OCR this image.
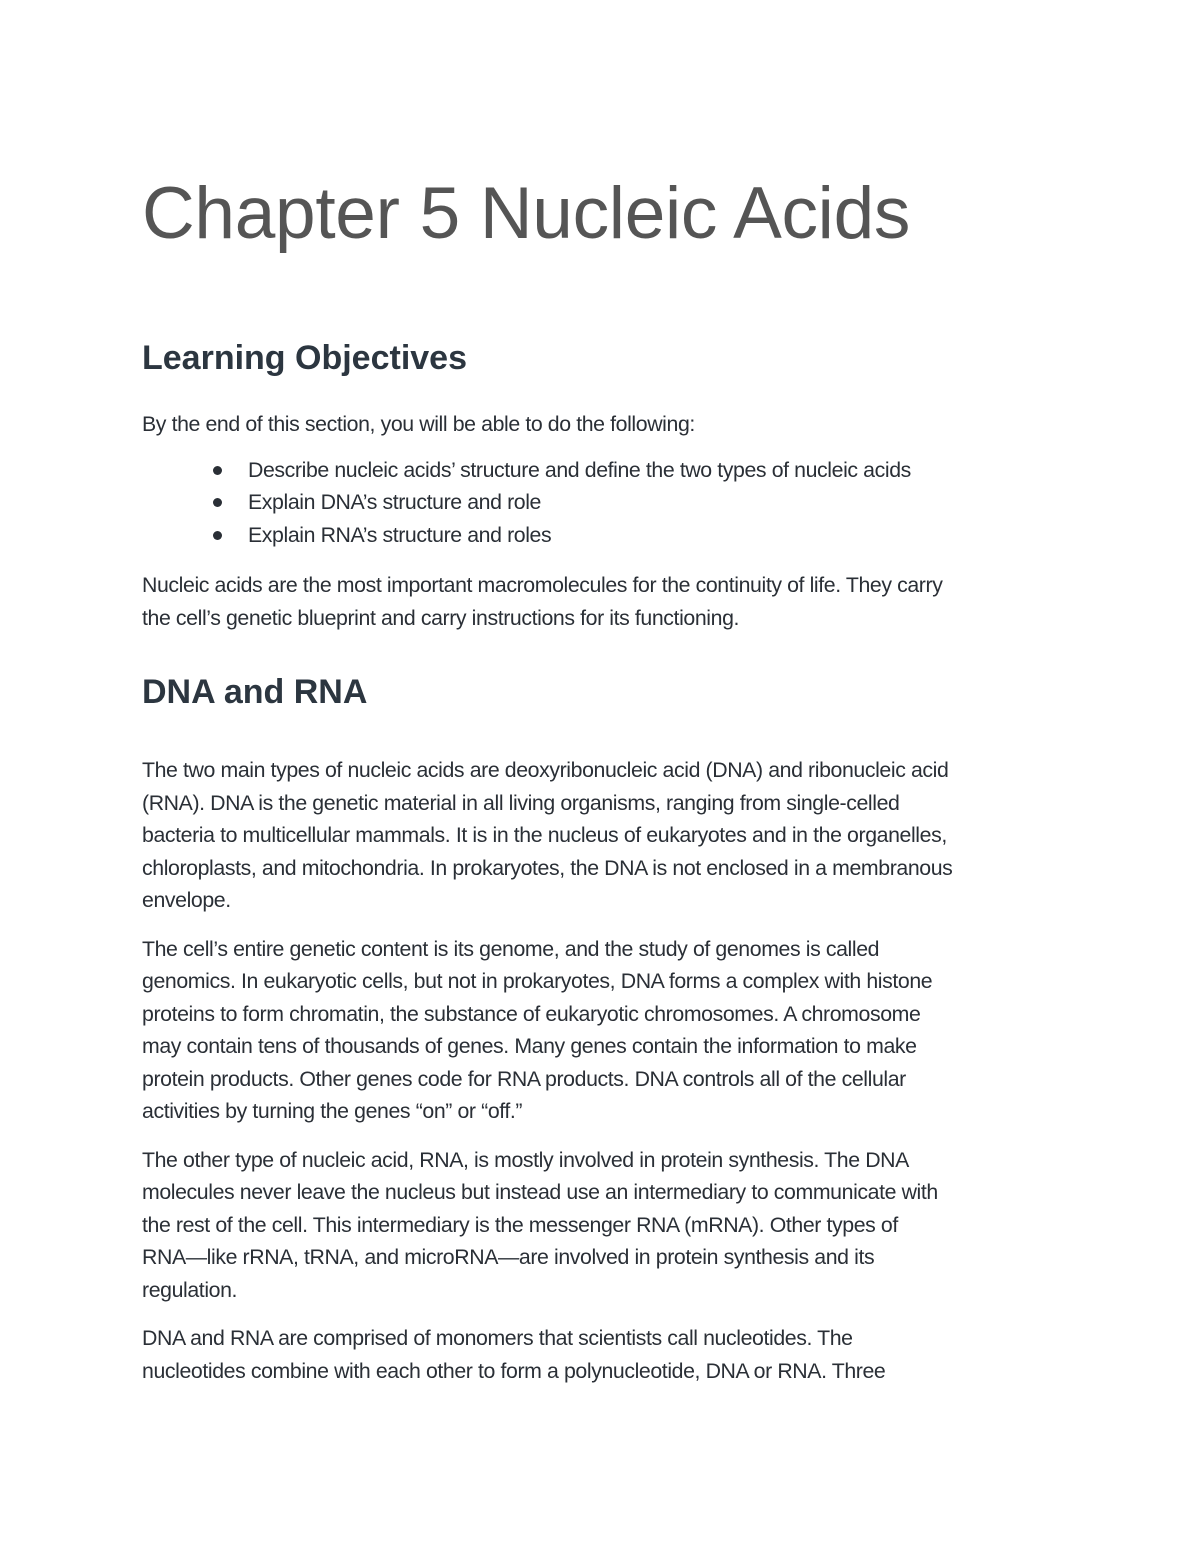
Chapter 5 Nucleic Acids
Learning Objectives

By the end of this section, you will be able to do the following:

Describe nucleic acids’ structure and define the two types of nucleic acids
Explain DNA’s structure and role
Explain RNA’s structure and roles

Nucleic acids are the most important macromolecules for the continuity of life. They carry
the cell’s genetic blueprint and carry instructions for its functioning.

DNA and RNA

The two main types of nucleic acids are deoxyribonucleic acid (DNA) and ribonucleic acid
(RNA). DNA is the genetic material in all living organisms, ranging from single-celled
bacteria to multicellular mammals. It is in the nucleus of eukaryotes and in the organelles,
chloroplasts, and mitochondria. In prokaryotes, the DNA is not enclosed in a membranous
envelope.

The cell’s entire genetic content is its genome, and the study of genomes is called
genomics. In eukaryotic cells, but not in prokaryotes, DNA forms a complex with histone
proteins to form chromatin, the substance of eukaryotic chromosomes. A chromosome
may contain tens of thousands of genes. Many genes contain the information to make
protein products. Other genes code for RNA products. DNA controls all of the cellular
activities by turning the genes “on” or “off.”

The other type of nucleic acid, RNA, is mostly involved in protein synthesis. The DNA
molecules never leave the nucleus but instead use an intermediary to communicate with
the rest of the cell. This intermediary is the messenger RNA (mRNA). Other types of
RNA—like rRNA, tRNA, and microRNA—are involved in protein synthesis and its
regulation.

DNA and RNA are comprised of monomers that scientists call nucleotides. The
nucleotides combine with each other to form a polynucleotide, DNA or RNA. Three
